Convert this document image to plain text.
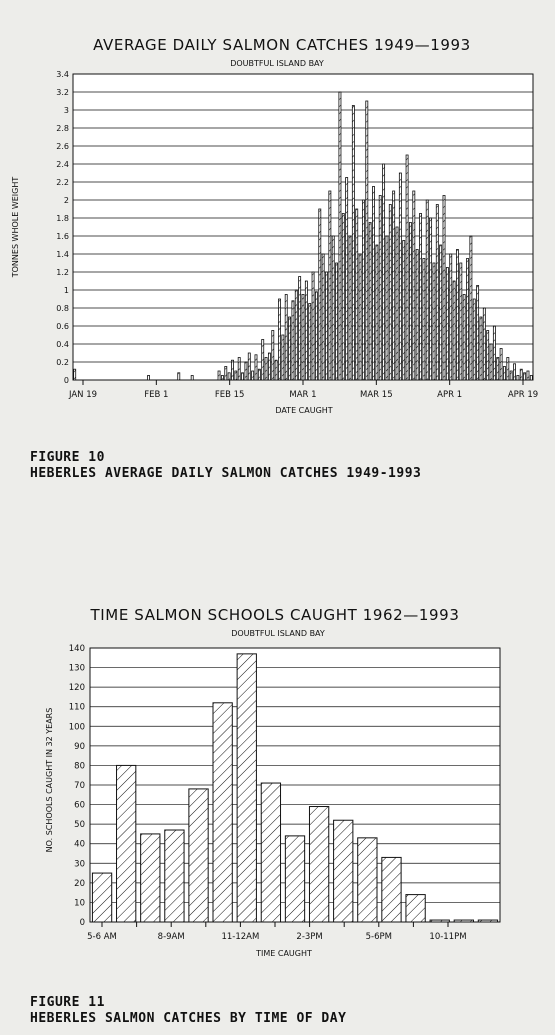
AVERAGE DAILY SALMON CATCHES 1949—1993
DOUBTFUL ISLAND BAY
0
0.2
0.4
0.6
0.8
1
1.2
1.4
1.6
1.8
2
2.2
2.4
2.6
2.8
3
3.2
3.4
JAN 19	FEB 1	FEB 15	MAR 1	MAR 15	APR 1	APR 19
TONNES WHOLE WEIGHT
DATE CAUGHT
FIGURE 10
HEBERLES AVERAGE DAILY SALMON CATCHES 1949-1993
TIME SALMON SCHOOLS CAUGHT 1962—1993
DOUBTFUL ISLAND BAY
0
10
20
30
40
50
60
70
80
90
100
110
120
130
140
5-6 AM	8-9AM	11-12AM	2-3PM	5-6PM	10-11PM
NO. SCHOOLS CAUGHT IN 32 YEARS
TIME CAUGHT
FIGURE 11
HEBERLES SALMON CATCHES BY TIME OF DAY
